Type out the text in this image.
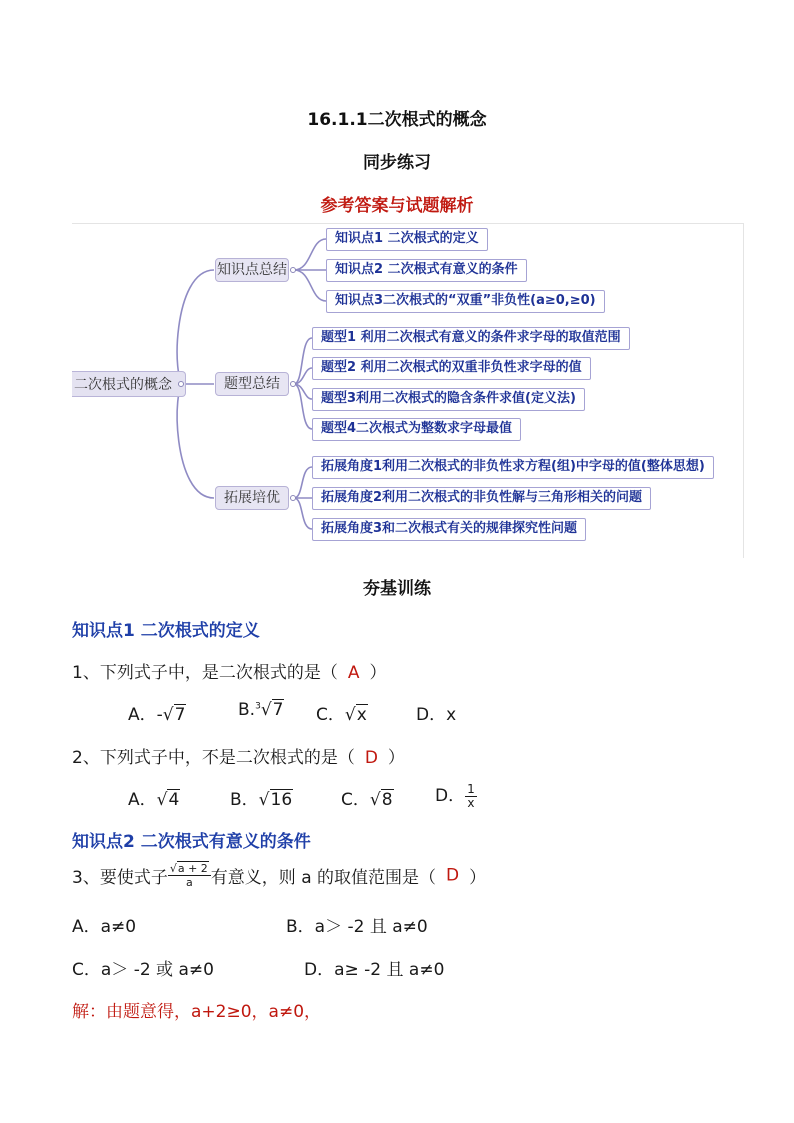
16.1.1二次根式的概念
同步练习
参考答案与试题解析
二次根式的概念
知识点总结
题型总结
拓展培优
知识点1 二次根式的定义
知识点2 二次根式有意义的条件
知识点3二次根式的“双重”非负性(a≥0,≥0)
题型1 利用二次根式有意义的条件求字母的取值范围
题型2 利用二次根式的双重非负性求字母的值
题型3利用二次根式的隐含条件求值(定义法)
题型4二次根式为整数求字母最值
拓展角度1利用二次根式的非负性求方程(组)中字母的值(整体思想)
拓展角度2利用二次根式的非负性解与三角形相关的问题
拓展角度3和二次根式有关的规律探究性问题
夯基训练
知识点1 二次根式的定义
1、下列式子中，是二次根式的是（ A ）
A．-√7	B.$^3$√7 C．√x	D．x
2、下列式子中，不是二次根式的是（ D ）
A．√4	B．√16	C．√8 D． $\frac{1}{x}$
知识点2 二次根式有意义的条件
3、要使式子 $\frac{√a + 2}{a}$ 有意义，则 a 的取值范围是（ D ）
A．a≠0	B．a＞ ‐2 且 a≠0
C．a＞ ‐2 或 a≠0	D．a≥ ‐2 且 a≠0
解：由题意得，a+2≥0，a≠0，
